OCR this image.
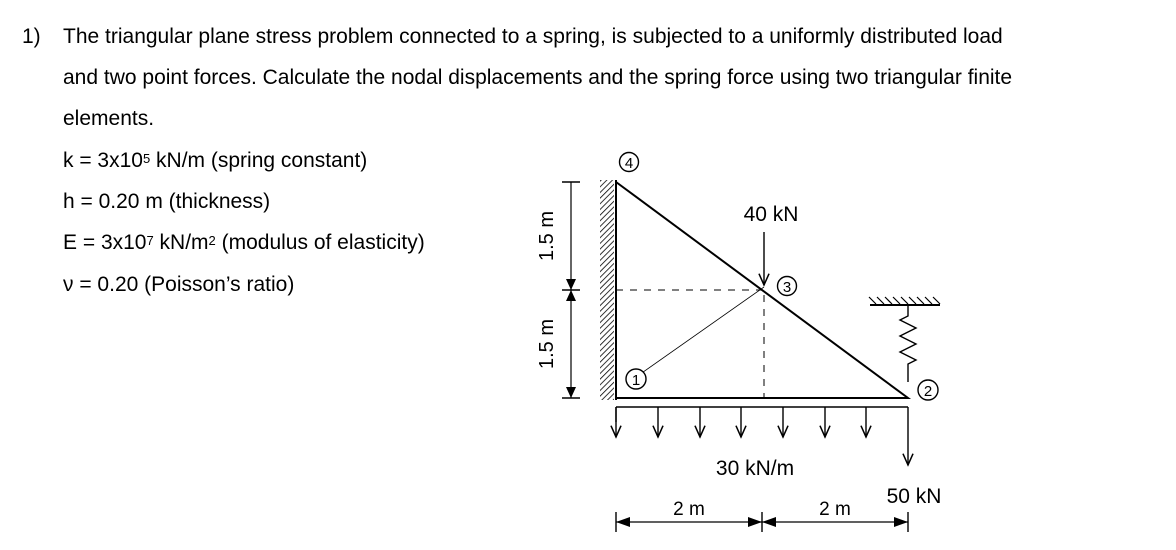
1) The triangular plane stress problem connected to a spring, is subjected to a uniformly distributed load
and two point forces. Calculate the nodal displacements and the spring force using two triangular finite
elements.
$k = 3x10^5$ kN/m (spring constant)
h = 0.20 m (thickness)
$E = 3x10^7$ $kN/m^2$ (modulus of elasticity)
ν = 0.20 (Poisson’s ratio)
4
3
1
2
40 kN
1.5 m
1.5 m
30 kN/m
50 kN
2 m	2 m
